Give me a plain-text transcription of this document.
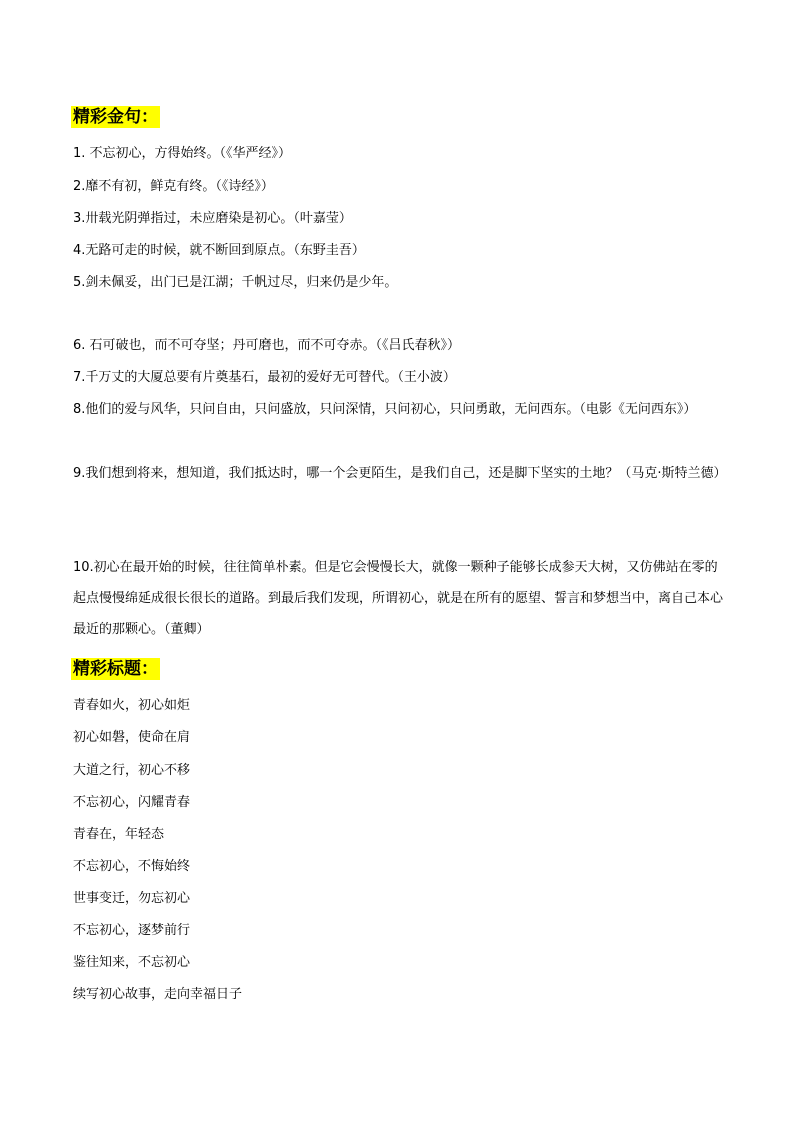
精彩金句：
1. 不忘初心，方得始终。（《华严经》）
2.靡不有初，鲜克有终。（《诗经》）
3.卅载光阴弹指过，未应磨染是初心。（叶嘉莹）
4.无路可走的时候，就不断回到原点。（东野圭吾）
5.剑未佩妥，出门已是江湖；千帆过尽，归来仍是少年。
6. 石可破也，而不可夺坚；丹可磨也，而不可夺赤。（《吕氏春秋》）
7.千万丈的大厦总要有片奠基石，最初的爱好无可替代。（王小波）
8.他们的爱与风华，只问自由，只问盛放，只问深情，只问初心，只问勇敢，无问西东。（电影《无问西东》）
9.我们想到将来，想知道，我们抵达时，哪一个会更陌生，是我们自己，还是脚下坚实的土地？（马克·斯特兰德）
10.初心在最开始的时候，往往简单朴素。但是它会慢慢长大，就像一颗种子能够长成参天大树，又仿佛站在零的起点慢慢绵延成很长很长的道路。到最后我们发现，所谓初心，就是在所有的愿望、誓言和梦想当中，离自己本心最近的那颗心。（董卿）
精彩标题：
青春如火，初心如炬
初心如磐，使命在肩
大道之行，初心不移
不忘初心，闪耀青春
青春在，年轻态
不忘初心，不悔始终
世事变迁，勿忘初心
不忘初心，逐梦前行
鉴往知来，不忘初心
续写初心故事，走向幸福日子
